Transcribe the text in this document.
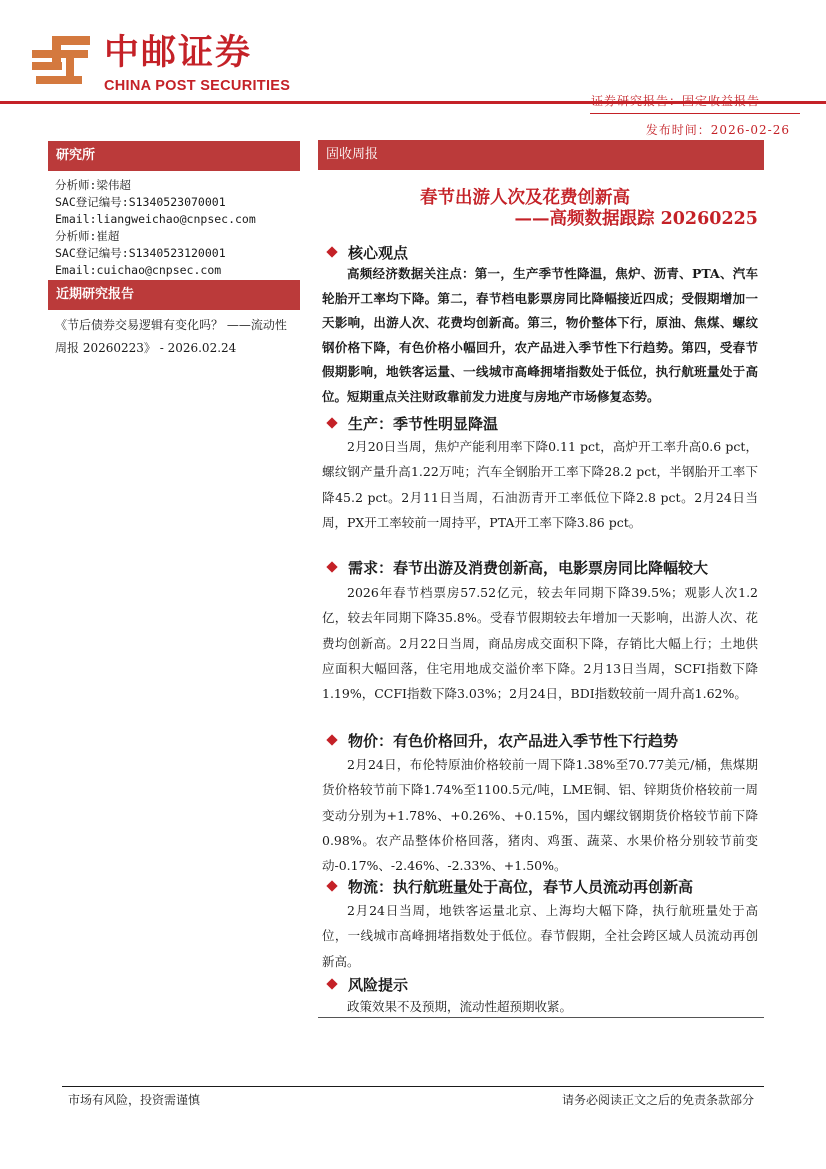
中邮证券
CHINA POST SECURITIES
发布时间：2026-02-26
研究所
分析师:梁伟超
SAC登记编号:S1340523070001
Email:liangweichao@cnpsec.com
分析师:崔超
SAC登记编号:S1340523120001
Email:cuichao@cnpsec.com
近期研究报告
《节后债券交易逻辑有变化吗？ ——流动性周报 20260223》 - 2026.02.24
固收周报
春节出游人次及花费创新高
——高频数据跟踪 20260225
核心观点
高频经济数据关注点：第一，生产季节性降温，焦炉、沥青、PTA、汽车轮胎开工率均下降。第二，春节档电影票房同比降幅接近四成；受假期增加一天影响，出游人次、花费均创新高。第三，物价整体下行，原油、焦煤、螺纹钢价格下降，有色价格小幅回升，农产品进入季节性下行趋势。第四，受春节假期影响，地铁客运量、一线城市高峰拥堵指数处于低位，执行航班量处于高位。短期重点关注财政靠前发力进度与房地产市场修复态势。
生产：季节性明显降温
2月20日当周，焦炉产能利用率下降0.11 pct，高炉开工率升高0.6 pct，螺纹钢产量升高1.22万吨；汽车全钢胎开工率下降28.2 pct，半钢胎开工率下降45.2 pct。2月11日当周，石油沥青开工率低位下降2.8 pct。2月24日当周，PX开工率较前一周持平，PTA开工率下降3.86 pct。
需求：春节出游及消费创新高，电影票房同比降幅较大
2026年春节档票房57.52亿元，较去年同期下降39.5%；观影人次1.2亿，较去年同期下降35.8%。受春节假期较去年增加一天影响，出游人次、花费均创新高。2月22日当周，商品房成交面积下降，存销比大幅上行；土地供应面积大幅回落，住宅用地成交溢价率下降。2月13日当周，SCFI指数下降1.19%，CCFI指数下降3.03%；2月24日，BDI指数较前一周升高1.62%。
物价：有色价格回升，农产品进入季节性下行趋势
2月24日，布伦特原油价格较前一周下降1.38%至70.77美元/桶，焦煤期货价格较节前下降1.74%至1100.5元/吨，LME铜、铝、锌期货价格较前一周变动分别为+1.78%、+0.26%、+0.15%，国内螺纹钢期货价格较节前下降0.98%。农产品整体价格回落，猪肉、鸡蛋、蔬菜、水果价格分别较节前变动-0.17%、-2.46%、-2.33%、+1.50%。
物流：执行航班量处于高位，春节人员流动再创新高
2月24日当周，地铁客运量北京、上海均大幅下降，执行航班量处于高位，一线城市高峰拥堵指数处于低位。春节假期，全社会跨区域人员流动再创新高。
风险提示
政策效果不及预期，流动性超预期收紧。
市场有风险，投资需谨慎	请务必阅读正文之后的免责条款部分
